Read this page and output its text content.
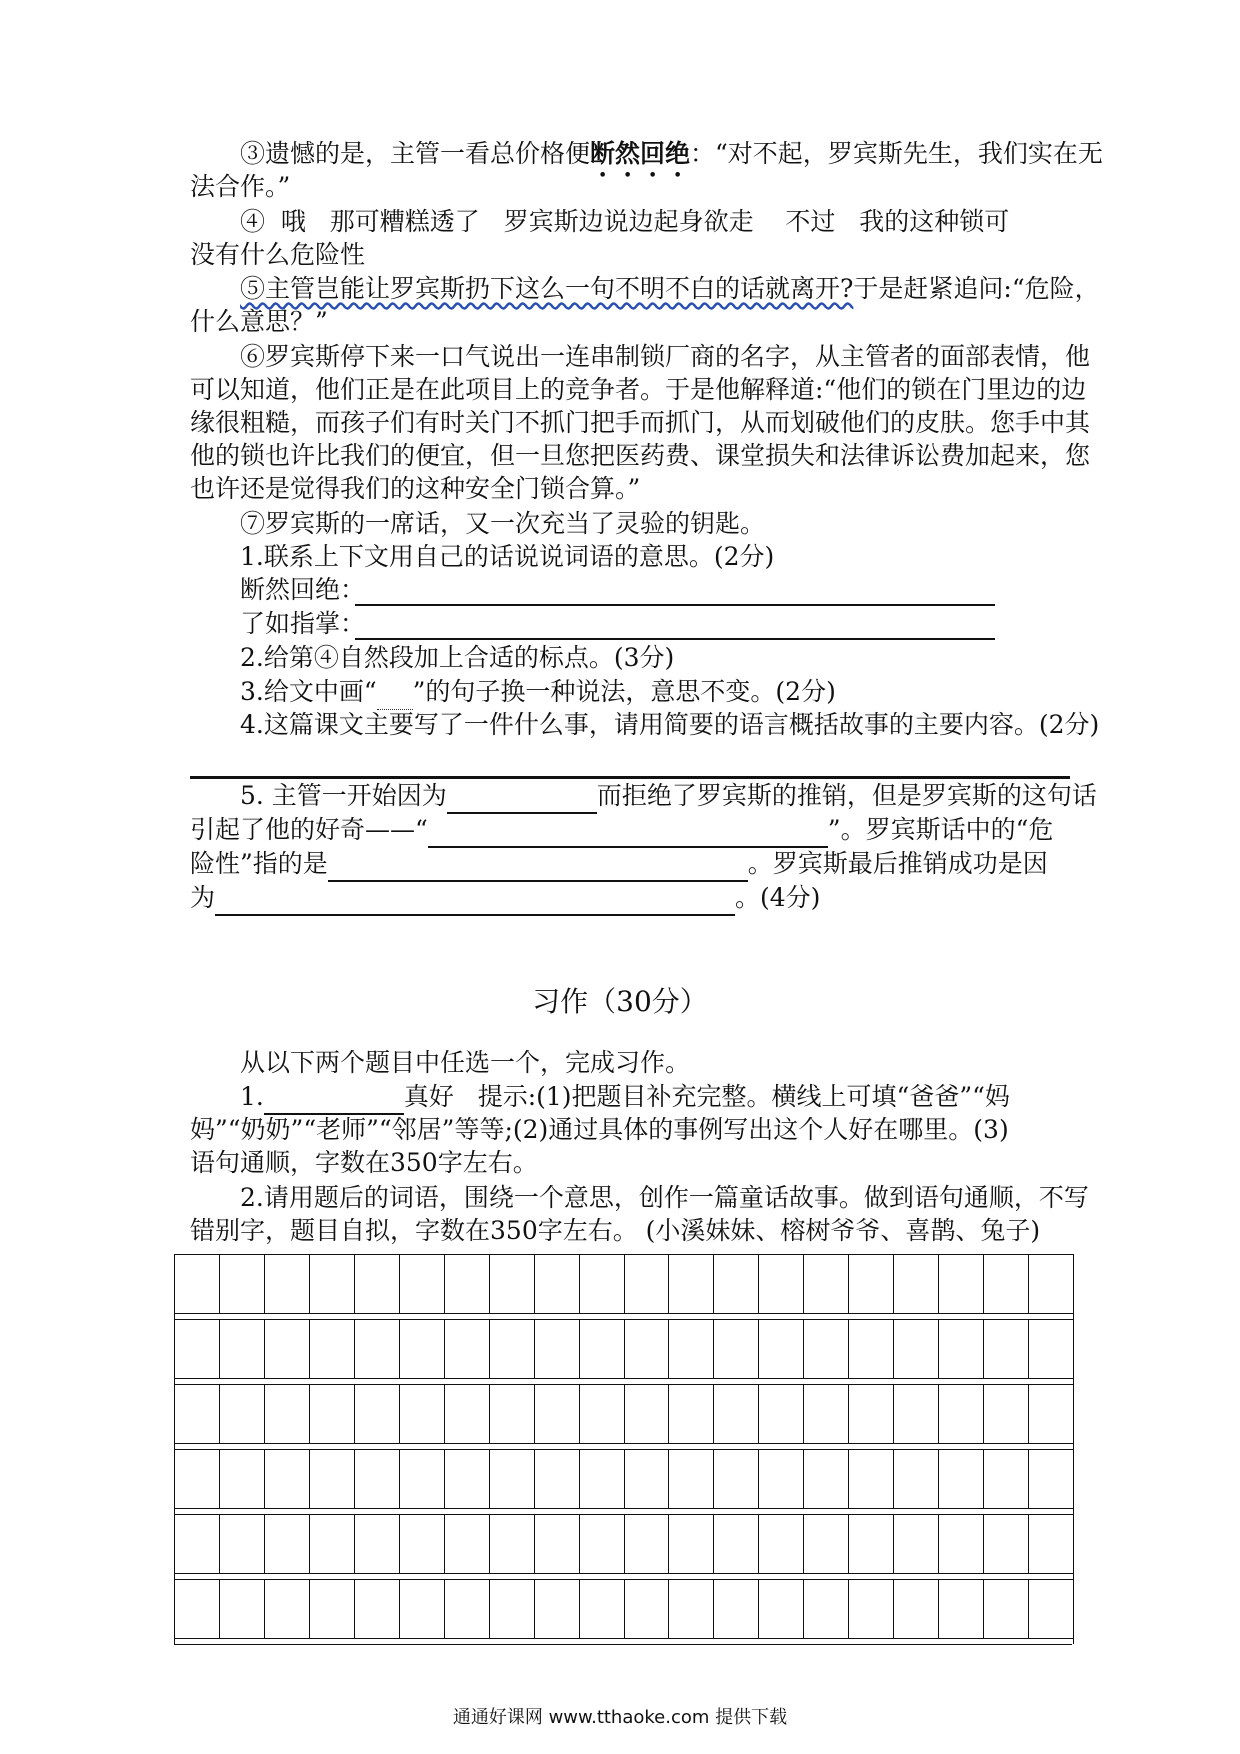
③遗憾的是，主管一看总价格便断然回绝：“对不起，罗宾斯先生，我们实在无
法合作。”
④  哦   那可糟糕透了   罗宾斯边说边起身欲走    不过   我的这种锁可
没有什么危险性
⑤主管岂能让罗宾斯扔下这么一句不明不白的话就离开?于是赶紧追问:“危险，
什么意思？”
⑥罗宾斯停下来一口气说出一连串制锁厂商的名字，从主管者的面部表情，他
可以知道，他们正是在此项目上的竞争者。于是他解释道:“他们的锁在门里边的边
缘很粗糙，而孩子们有时关门不抓门把手而抓门，从而划破他们的皮肤。您手中其
他的锁也许比我们的便宜，但一旦您把医药费、课堂损失和法律诉讼费加起来，您
也许还是觉得我们的这种安全门锁合算。”
⑦罗宾斯的一席话，又一次充当了灵验的钥匙。
1.联系上下文用自己的话说说词语的意思。(2分)
断然回绝：
了如指掌：
2.给第④自然段加上合适的标点。(3分)
3.给文中画“ ”的句子换一种说法，意思不变。(2分)
4.这篇课文主要写了一件什么事，请用简要的语言概括故事的主要内容。(2分)
5. 主管一开始因为	而拒绝了罗宾斯的推销，但是罗宾斯的这句话
引起了他的好奇——“	”。罗宾斯话中的“危
险性”指的是	。罗宾斯最后推销成功是因
为	。(4分)
习作（30分）
从以下两个题目中任选一个，完成习作。
1.	真好   提示:(1)把题目补充完整。横线上可填“爸爸”“妈
妈”“奶奶”“老师”“邻居”等等;(2)通过具体的事例写出这个人好在哪里。(3)
语句通顺，字数在350字左右。
2.请用题后的词语，围绕一个意思，创作一篇童话故事。做到语句通顺，不写
错别字，题目自拟，字数在350字左右。 (小溪妹妹、榕树爷爷、喜鹊、兔子)
通通好课网 www.tthaoke.com 提供下载
